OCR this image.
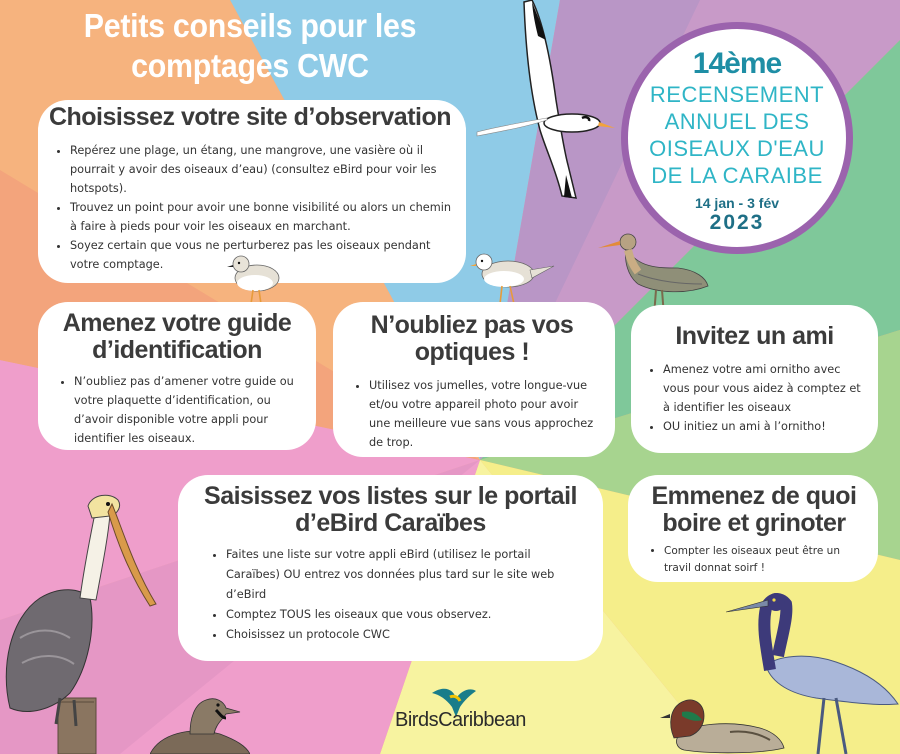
Petits conseils pour les
comptages CWC
Choisissez votre site d’observation
• Repérez une plage, un étang, une mangrove, une vasière où il pourrait y avoir des oiseaux d’eau) (consultez eBird pour voir les hotspots).
• Trouvez un point pour avoir une bonne visibilité ou alors un chemin à faire à pieds pour voir les oiseaux en marchant.
• Soyez certain que vous ne perturberez pas les oiseaux pendant votre comptage.
14ème
RECENSEMENT
ANNUEL DES
OISEAUX D'EAU
DE LA CARAIBE
14 jan - 3 fév
2023
Amenez votre guide d’identification
• N’oubliez pas d’amener votre guide ou votre plaquette d’identification, ou d’avoir disponible votre appli pour identifier les oiseaux.
N’oubliez pas vos optiques !
• Utilisez vos jumelles, votre longue-vue et/ou votre appareil photo pour avoir une meilleure vue sans vous approchez de trop.
Invitez un ami
• Amenez votre ami ornitho avec vous pour vous aidez à comptez et à identifier les oiseaux
• OU initiez un ami à l’ornitho!
Saisissez vos listes sur le portail d’eBird Caraïbes
• Faites une liste sur votre appli eBird (utilisez le portail Caraïbes) OU entrez vos données plus tard sur le site web d’eBird
• Comptez TOUS les oiseaux que vous observez.
• Choisissez un protocole CWC
Emmenez de quoi boire et grinoter
• Compter les oiseaux peut être un travil donnat soirf !
BirdsCaribbean
